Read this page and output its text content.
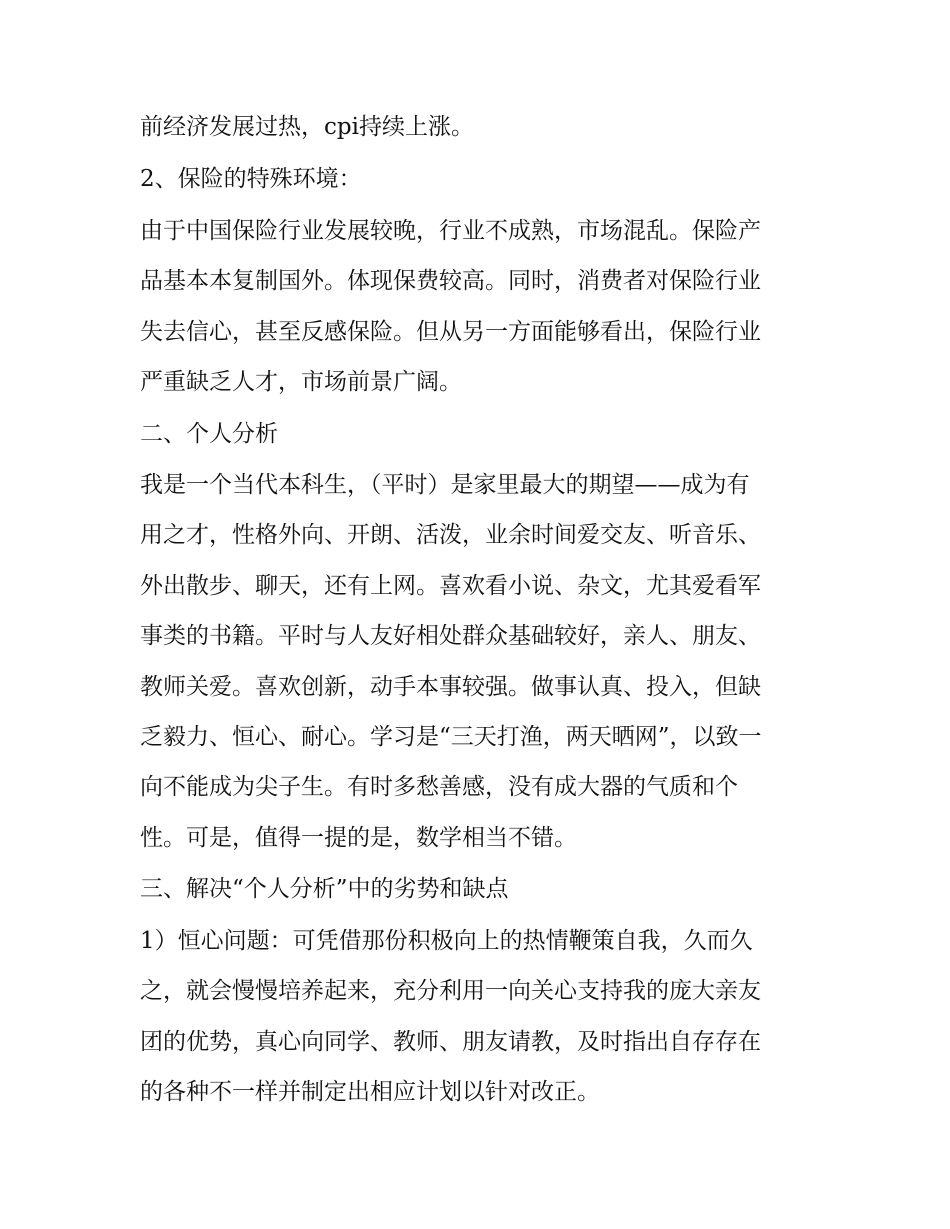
前经济发展过热，cpi持续上涨。
2、保险的特殊环境：
由于中国保险行业发展较晚，行业不成熟，市场混乱。保险产
品基本本复制国外。体现保费较高。同时，消费者对保险行业
失去信心，甚至反感保险。但从另一方面能够看出，保险行业
严重缺乏人才，市场前景广阔。
二、个人分析
我是一个当代本科生，（平时）是家里最大的期望——成为有
用之才，性格外向、开朗、活泼，业余时间爱交友、听音乐、
外出散步、聊天，还有上网。喜欢看小说、杂文，尤其爱看军
事类的书籍。平时与人友好相处群众基础较好，亲人、朋友、
教师关爱。喜欢创新，动手本事较强。做事认真、投入，但缺
乏毅力、恒心、耐心。学习是“三天打渔，两天晒网”，以致一
向不能成为尖子生。有时多愁善感，没有成大器的气质和个
性。可是，值得一提的是，数学相当不错。
三、解决“个人分析”中的劣势和缺点
1）恒心问题：可凭借那份积极向上的热情鞭策自我，久而久
之，就会慢慢培养起来，充分利用一向关心支持我的庞大亲友
团的优势，真心向同学、教师、朋友请教，及时指出自存存在
的各种不一样并制定出相应计划以针对改正。
